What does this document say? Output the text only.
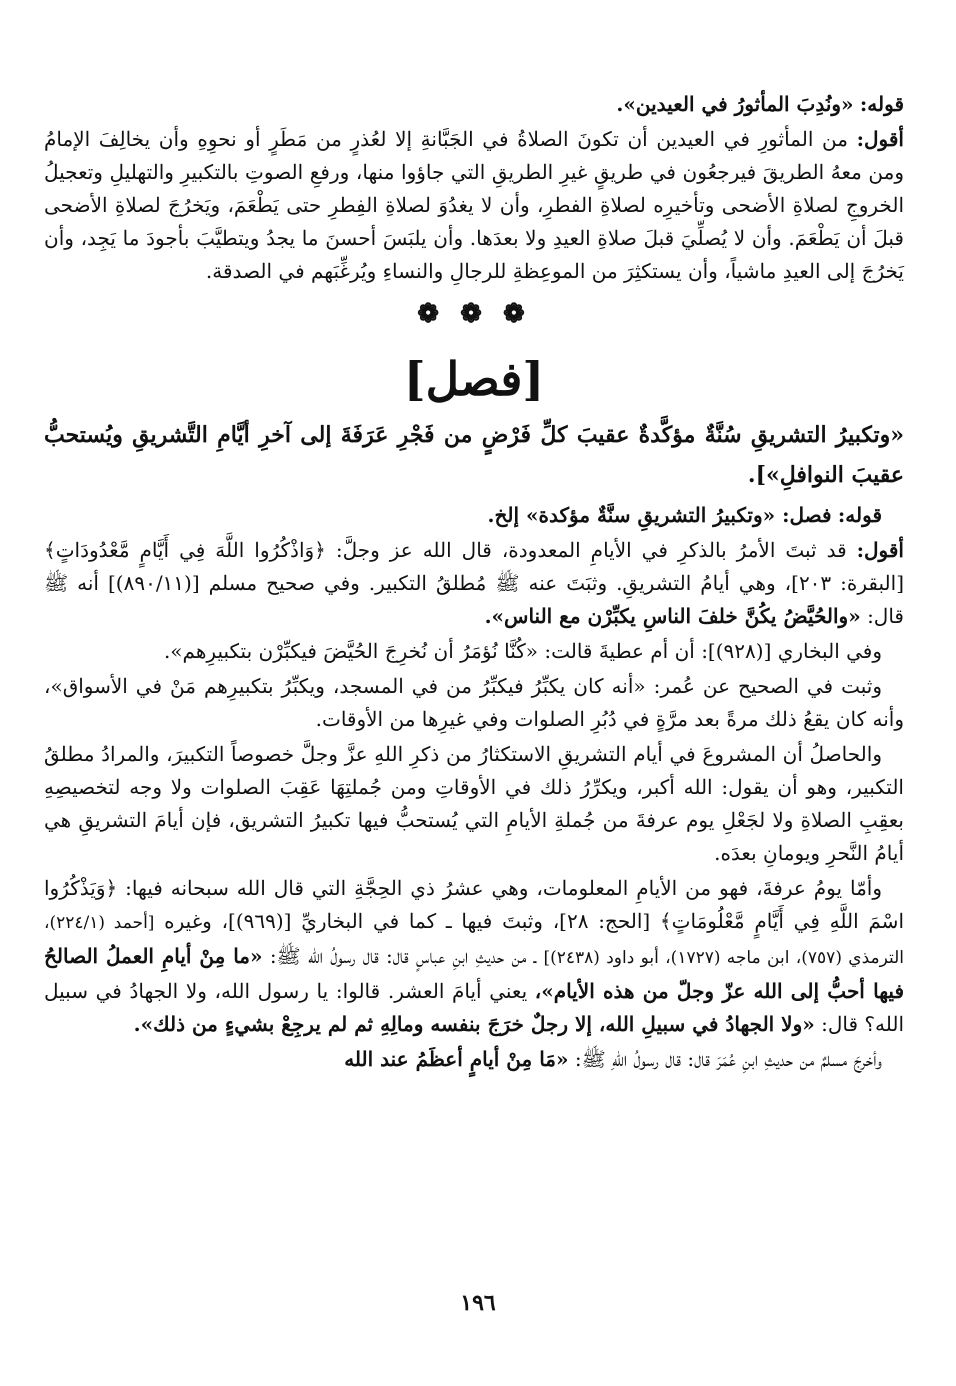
قوله: «ونُدِبَ المأثورُ في العيدين».

أقول: من المأثورِ في العيدين أن تكونَ الصلاةُ في الجَبَّانةِ إلا لعُذرٍ من مَطَرٍ أو نحوِهِ وأن يخالِفَ الإمامُ ومن معهُ الطريقَ فيرجعُون في طريقٍ غيرِ الطريقِ التي جاؤوا منها، ورفعِ الصوتِ بالتكبيرِ والتهليلِ وتعجيلُ الخروجِ لصلاةِ الأضحى وتأخيرِه لصلاةِ الفطرِ، وأن لا يغدُوَ لصلاةِ الفِطرِ حتى يَطْعَمَ، ويَخرُجَ لصلاةِ الأضحى قبلَ أن يَطْعَمَ. وأن لا يُصلِّيَ قبلَ صلاةِ العيدِ ولا بعدَها. وأن يلبَسَ أحسنَ ما يجدُ ويتطيَّبَ بأجودَ ما يَجِد، وأن يَخرُجَ إلى العيدِ ماشياً، وأن يستكثِرَ من الموعِظةِ للرجالِ والنساءِ ويُرغِّبَهم في الصدقة.

❁ ❁ ❁
[فصل]

«وتكبيرُ التشريقِ سُنَّةٌ مؤكَّدةٌ عقيبَ كلِّ فَرْضٍ من فَجْرِ عَرَفَةَ إلى آخرِ أيَّامِ التَّشريقِ ويُستحبُّ عقيبَ النوافلِ»].

قوله: فصل: «وتكبيرُ التشريقِ سنَّةٌ مؤكدة» إلخ.

أقول: قد ثبتَ الأمرُ بالذكرِ في الأيامِ المعدودة، قال الله عز وجلَّ: ﴿وَاذْكُرُوا اللَّهَ فِي أَيَّامٍ مَّعْدُودَاتٍ﴾ [البقرة: ٢٠٣]، وهي أيامُ التشريقِ. وثبَتَ عنه ﷺ مُطلقُ التكبير. وفي صحيح مسلم [(٨٩٠/١١)] أنه ﷺ قال: «والحُيَّضُ يكُنَّ خلفَ الناسِ يكبِّرْن مع الناس».

وفي البخاري [(٩٢٨)]: أن أم عطيةَ قالت: «كُنَّا نُؤمَرُ أن نُخرِجَ الحُيَّضَ فيكبِّرْن بتكبيرِهم».

وثبت في الصحيح عن عُمر: «أنه كان يكبِّرُ فيكبِّرُ من في المسجد، ويكبِّرُ بتكبيرِهم مَنْ في الأسواق»، وأنه كان يقعُ ذلك مرةً بعد مرَّةٍ في دُبُرِ الصلوات وفي غيرِها من الأوقات.

والحاصلُ أن المشروعَ في أيام التشريقِ الاستكثارُ من ذكرِ اللهِ عزَّ وجلَّ خصوصاً التكبيرَ، والمرادُ مطلقُ التكبير، وهو أن يقول: الله أكبر، ويكرِّرُ ذلك في الأوقاتِ ومن جُملتِهَا عَقِبَ الصلوات ولا وجه لتخصيصِهِ بعقِبِ الصلاةِ ولا لجَعْلِ يوم عرفةَ من جُملةِ الأيامِ التي يُستحبُّ فيها تكبيرُ التشريق، فإن أيامَ التشريقِ هي أيامُ النَّحرِ ويومانِ بعدَه.

وأمّا يومُ عرفةَ، فهو من الأيامِ المعلومات، وهي عشرُ ذي الحِجَّةِ التي قال الله سبحانه فيها: ﴿وَيَذْكُرُوا اسْمَ اللَّهِ فِي أَيَّامٍ مَّعْلُومَاتٍ﴾ [الحج: ٢٨]، وثبتَ فيها ـ كما في البخاريِّ [(٩٦٩)]، وغيره [أحمد (٢٢٤/١)، الترمذي (٧٥٧)، ابن ماجه (١٧٢٧)، أبو داود (٢٤٣٨)] ـ من حديثِ ابنِ عباسٍ قال: قال رسولُ الله ﷺ: «ما مِنْ أيامِ العملُ الصالحُ فيها أحبُّ إلى الله عزّ وجلّ من هذه الأيام»، يعني أيامَ العشر. قالوا: يا رسول الله، ولا الجهادُ في سبيل الله؟ قال: «ولا الجهادُ في سبيلِ الله، إلا رجلٌ خرَجَ بنفسه ومالِهِ ثم لم يرجِعْ بشيءٍ من ذلك».

وأخرجَ مسلمٌ من حديثِ ابنِ عُمَرَ قال: قال رسولُ اللهِ ﷺ: «مَا مِنْ أيامٍ أعظَمُ عند الله

١٩٦
